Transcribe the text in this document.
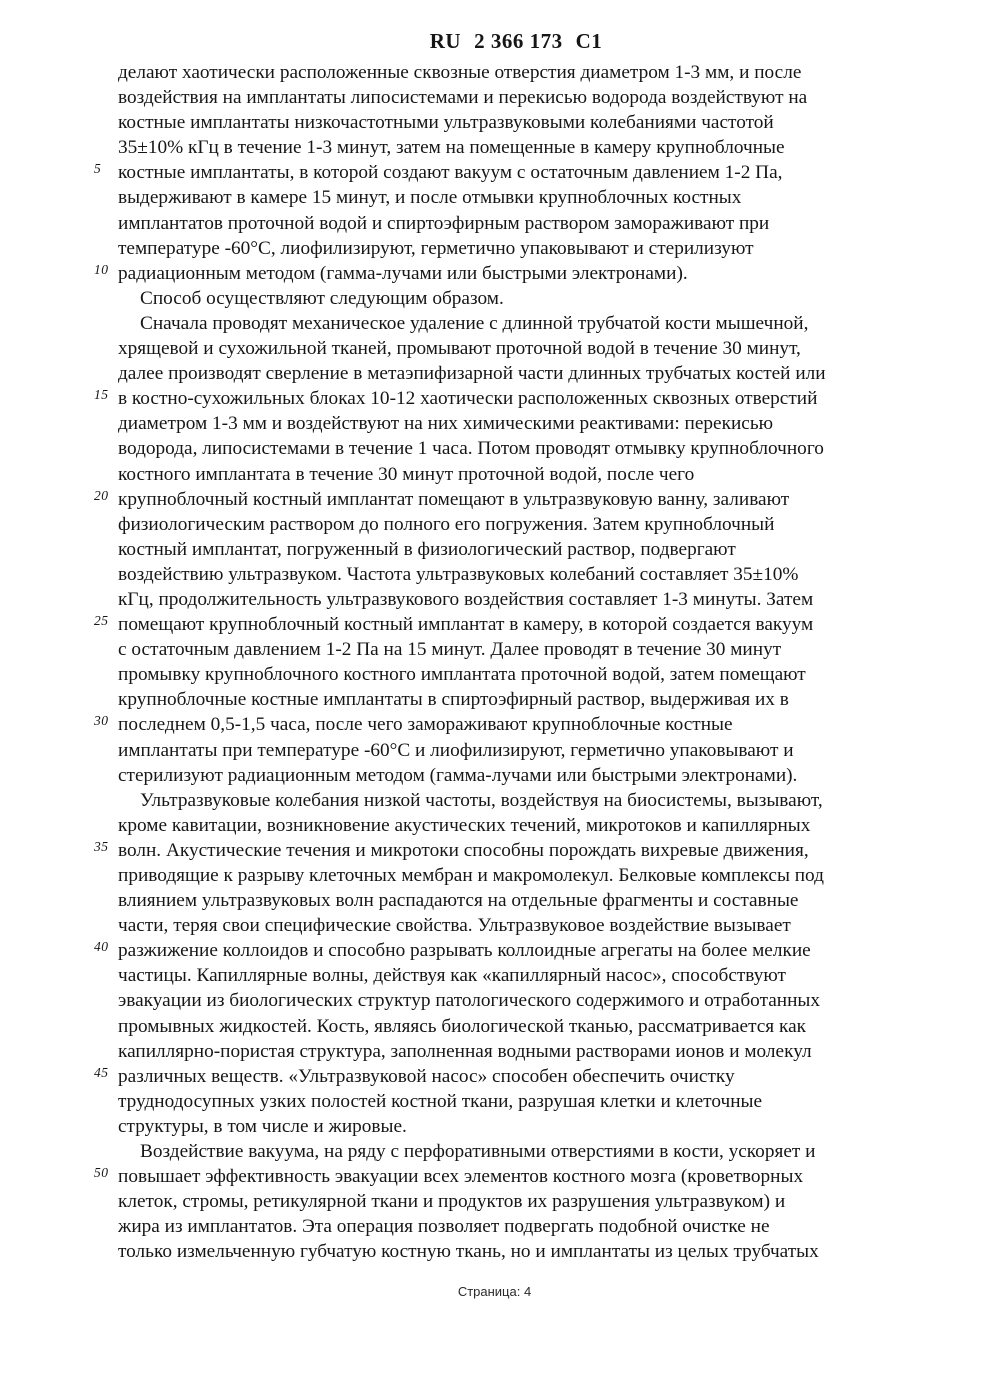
RU 2 366 173 C1
делают хаотически расположенные сквозные отверстия диаметром 1-3 мм, и после
воздействия на имплантаты липосистемами и перекисью водорода воздействуют на
костные имплантаты низкочастотными ультразвуковыми колебаниями частотой
35±10% кГц в течение 1-3 минут, затем на помещенные в камеру крупноблочные
5 костные имплантаты, в которой создают вакуум с остаточным давлением 1-2 Па,
выдерживают в камере 15 минут, и после отмывки крупноблочных костных
имплантатов проточной водой и спиртоэфирным раствором замораживают при
температуре -60°С, лиофилизируют, герметично упаковывают и стерилизуют
10 радиационным методом (гамма-лучами или быстрыми электронами).
Способ осуществляют следующим образом.
Сначала проводят механическое удаление с длинной трубчатой кости мышечной,
хрящевой и сухожильной тканей, промывают проточной водой в течение 30 минут,
далее производят сверление в метаэпифизарной части длинных трубчатых костей или
15 в костно-сухожильных блоках 10-12 хаотически расположенных сквозных отверстий
диаметром 1-3 мм и воздействуют на них химическими реактивами: перекисью
водорода, липосистемами в течение 1 часа. Потом проводят отмывку крупноблочного
костного имплантата в течение 30 минут проточной водой, после чего
20 крупноблочный костный имплантат помещают в ультразвуковую ванну, заливают
физиологическим раствором до полного его погружения. Затем крупноблочный
костный имплантат, погруженный в физиологический раствор, подвергают
воздействию ультразвуком. Частота ультразвуковых колебаний составляет 35±10%
кГц, продолжительность ультразвукового воздействия составляет 1-3 минуты. Затем
25 помещают крупноблочный костный имплантат в камеру, в которой создается вакуум
с остаточным давлением 1-2 Па на 15 минут. Далее проводят в течение 30 минут
промывку крупноблочного костного имплантата проточной водой, затем помещают
крупноблочные костные имплантаты в спиртоэфирный раствор, выдерживая их в
30 последнем 0,5-1,5 часа, после чего замораживают крупноблочные костные
имплантаты при температуре -60°С и лиофилизируют, герметично упаковывают и
стерилизуют радиационным методом (гамма-лучами или быстрыми электронами).
Ультразвуковые колебания низкой частоты, воздействуя на биосистемы, вызывают,
кроме кавитации, возникновение акустических течений, микротоков и капиллярных
35 волн. Акустические течения и микротоки способны порождать вихревые движения,
приводящие к разрыву клеточных мембран и макромолекул. Белковые комплексы под
влиянием ультразвуковых волн распадаются на отдельные фрагменты и составные
части, теряя свои специфические свойства. Ультразвуковое воздействие вызывает
40 разжижение коллоидов и способно разрывать коллоидные агрегаты на более мелкие
частицы. Капиллярные волны, действуя как «капиллярный насос», способствуют
эвакуации из биологических структур патологического содержимого и отработанных
промывных жидкостей. Кость, являясь биологической тканью, рассматривается как
капиллярно-пористая структура, заполненная водными растворами ионов и молекул
45 различных веществ. «Ультразвуковой насос» способен обеспечить очистку
труднодосупных узких полостей костной ткани, разрушая клетки и клеточные
структуры, в том числе и жировые.
Воздействие вакуума, на ряду с перфоративными отверстиями в кости, ускоряет и
50 повышает эффективность эвакуации всех элементов костного мозга (кроветворных
клеток, стромы, ретикулярной ткани и продуктов их разрушения ультразвуком) и
жира из имплантатов. Эта операция позволяет подвергать подобной очистке не
только измельченную губчатую костную ткань, но и имплантаты из целых трубчатых
Страница: 4
